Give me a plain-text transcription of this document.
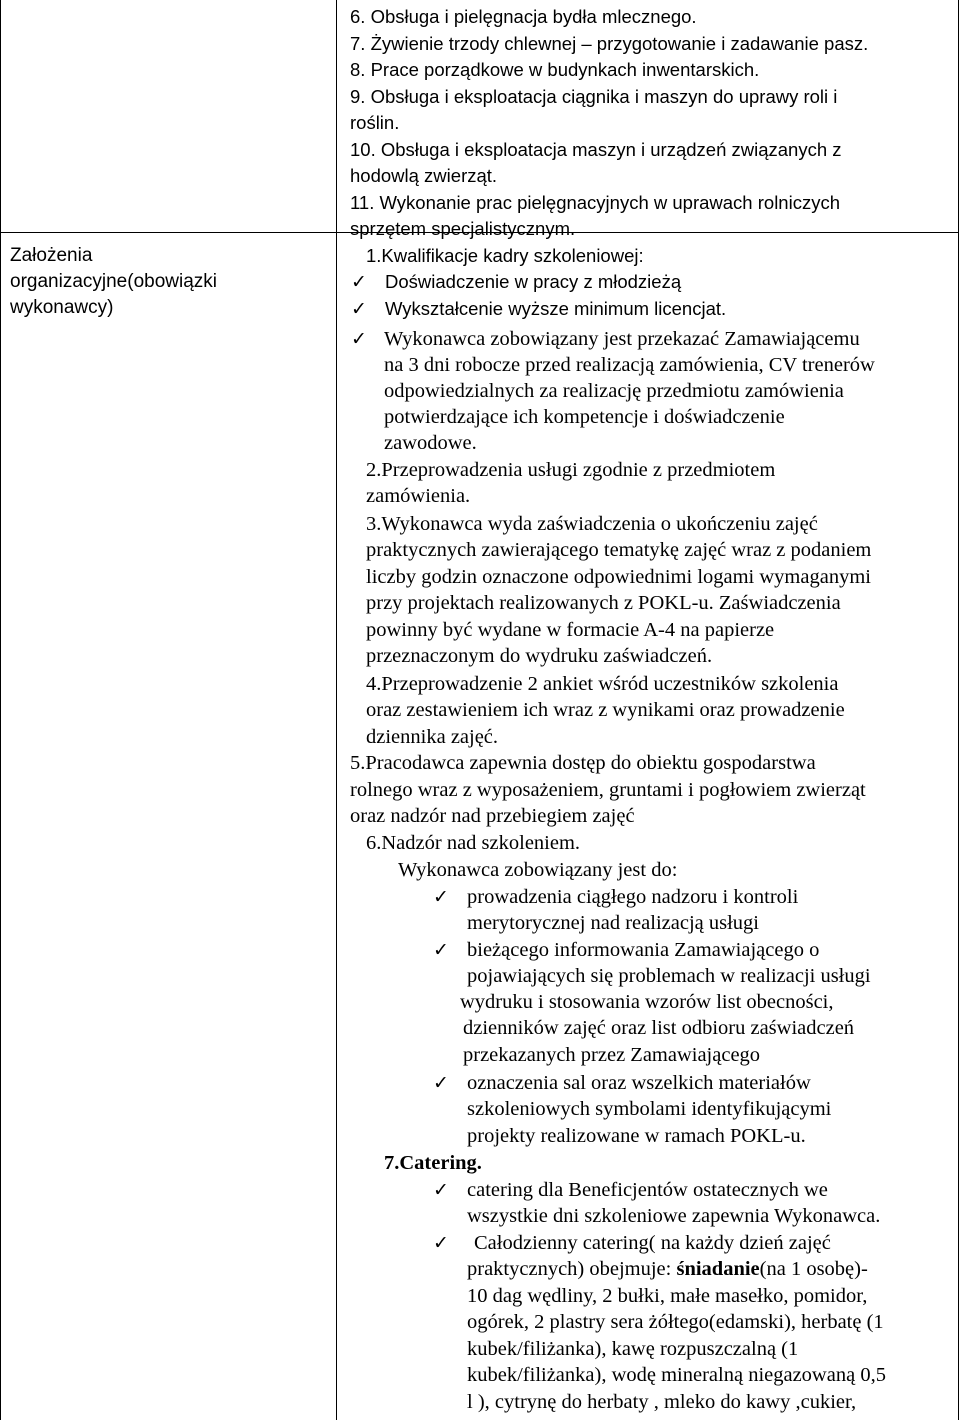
Założenia
organizacyjne(obowiązki
wykonawcy)
6. Obsługa i pielęgnacja bydła mlecznego.
7. Żywienie trzody chlewnej – przygotowanie i zadawanie pasz.
8. Prace porządkowe w budynkach inwentarskich.
9. Obsługa i eksploatacja ciągnika i maszyn do uprawy roli i
roślin.
10. Obsługa i eksploatacja maszyn i urządzeń związanych z
hodowlą zwierząt.
11. Wykonanie prac pielęgnacyjnych w uprawach rolniczych
sprzętem specjalistycznym.
1.Kwalifikacje kadry szkoleniowej:
✓ Doświadczenie w pracy z młodzieżą
✓ Wykształcenie wyższe minimum licencjat.
✓ Wykonawca zobowiązany jest przekazać Zamawiającemu
na 3 dni robocze przed realizacją zamówienia, CV trenerów
odpowiedzialnych za realizację przedmiotu zamówienia
potwierdzające ich kompetencje i doświadczenie
zawodowe.
2.Przeprowadzenia usługi zgodnie z przedmiotem
zamówienia.
3.Wykonawca wyda zaświadczenia o ukończeniu zajęć
praktycznych zawierającego tematykę zajęć wraz z podaniem
liczby godzin oznaczone odpowiednimi logami wymaganymi
przy projektach realizowanych z POKL-u. Zaświadczenia
powinny być wydane w formacie A-4 na papierze
przeznaczonym do wydruku zaświadczeń.
4.Przeprowadzenie 2 ankiet wśród uczestników szkolenia
oraz zestawieniem ich wraz z wynikami oraz prowadzenie
dziennika zajęć.
5.Pracodawca zapewnia dostęp do obiektu gospodarstwa
rolnego wraz z wyposażeniem, gruntami i pogłowiem zwierząt
oraz nadzór nad przebiegiem zajęć
6.Nadzór nad szkoleniem.
Wykonawca zobowiązany jest do:
✓ prowadzenia ciągłego nadzoru i kontroli
merytorycznej nad realizacją usługi
✓ bieżącego informowania Zamawiającego o
pojawiających się problemach w realizacji usługi
wydruku i stosowania wzorów list obecności,
dzienników zajęć oraz list odbioru zaświadczeń
przekazanych przez Zamawiającego
✓ oznaczenia sal oraz wszelkich materiałów
szkoleniowych symbolami identyfikującymi
projekty realizowane w ramach POKL-u.
7.Catering.
✓ catering dla Beneficjentów ostatecznych we
wszystkie dni szkoleniowe zapewnia Wykonawca.
✓ Całodzienny catering( na każdy dzień zajęć
praktycznych) obejmuje: śniadanie(na 1 osobę)-
10 dag wędliny, 2 bułki, małe masełko, pomidor,
ogórek, 2 plastry sera żółtego(edamski), herbatę (1
kubek/filiżanka), kawę rozpuszczalną (1
kubek/filiżanka), wodę mineralną niegazowaną 0,5
l ), cytrynę do herbaty , mleko do kawy ,cukier,
